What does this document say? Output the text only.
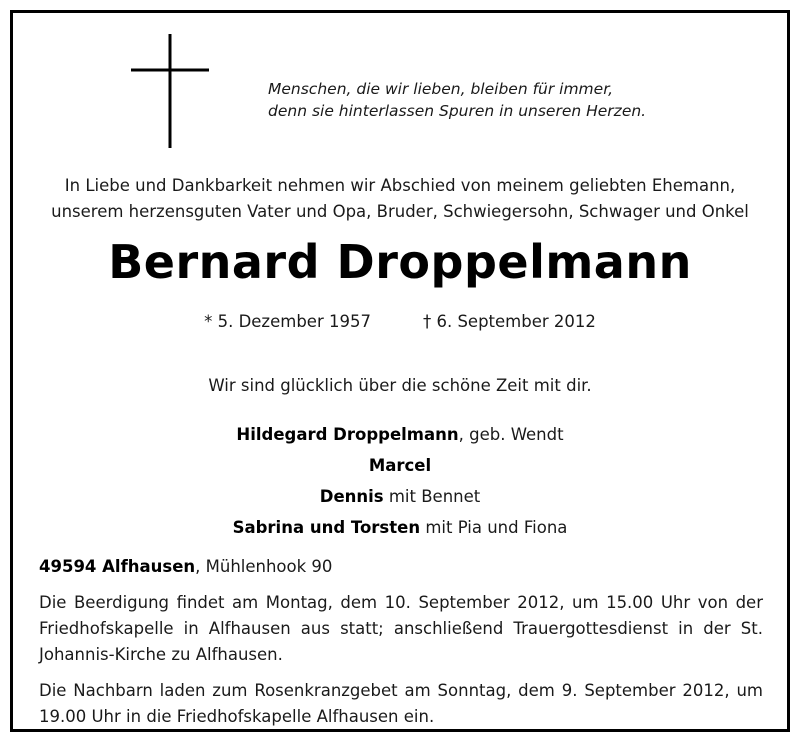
Menschen, die wir lieben, bleiben für immer,
denn sie hinterlassen Spuren in unseren Herzen.
In Liebe und Dankbarkeit nehmen wir Abschied von meinem geliebten Ehemann,
unserem herzensguten Vater und Opa, Bruder, Schwiegersohn, Schwager und Onkel
Bernard Droppelmann
* 5. Dezember 1957	† 6. September 2012
Wir sind glücklich über die schöne Zeit mit dir.
Hildegard Droppelmann, geb. Wendt
Marcel
Dennis mit Bennet
Sabrina und Torsten mit Pia und Fiona
49594 Alfhausen, Mühlenhook 90
Die Beerdigung findet am Montag, dem 10. September 2012, um 15.00 Uhr von der Friedhofskapelle in Alfhausen aus statt; anschließend Trauergottesdienst in der St. Johannis-Kirche zu Alfhausen.
Die Nachbarn laden zum Rosenkranzgebet am Sonntag, dem 9. September 2012, um 19.00 Uhr in die Friedhofskapelle Alfhausen ein.
